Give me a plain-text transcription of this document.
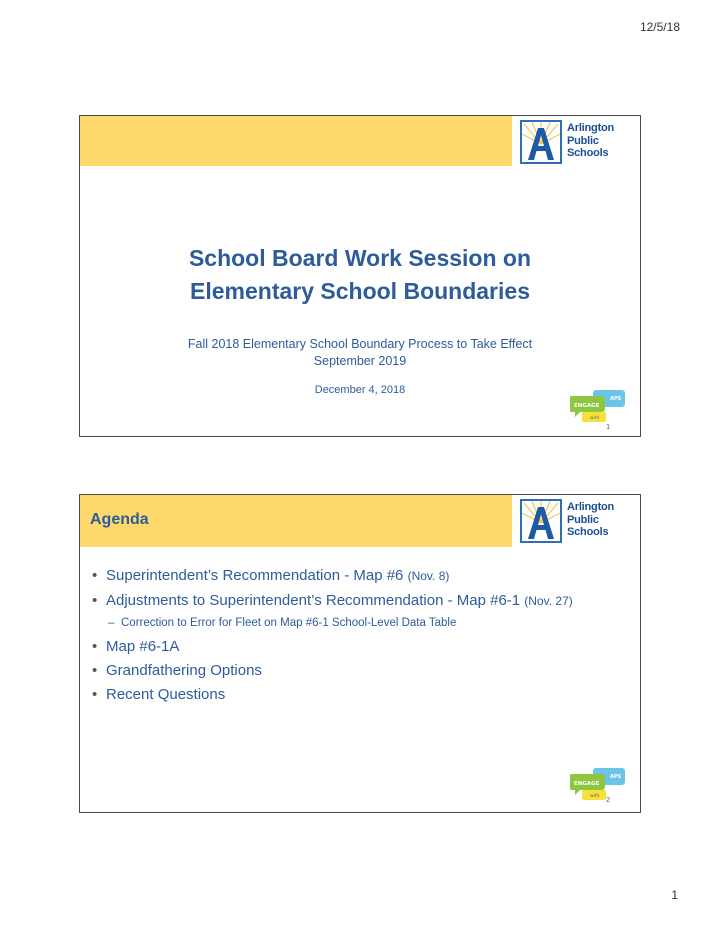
12/5/18
Arlington
Public
Schools
School Board Work Session on
Elementary School Boundaries
Fall 2018 Elementary School Boundary Process to Take Effect
September 2019
December 4, 2018
ENGAGE
APS
with
1
Agenda
Arlington
Public
Schools
• Superintendent’s Recommendation - Map #6 (Nov. 8)
• Adjustments to Superintendent’s Recommendation - Map #6-1 (Nov. 27)
– Correction to Error for Fleet on Map #6-1 School-Level Data Table
• Map #6-1A
• Grandfathering Options
• Recent Questions
ENGAGE
APS
with
2
1
